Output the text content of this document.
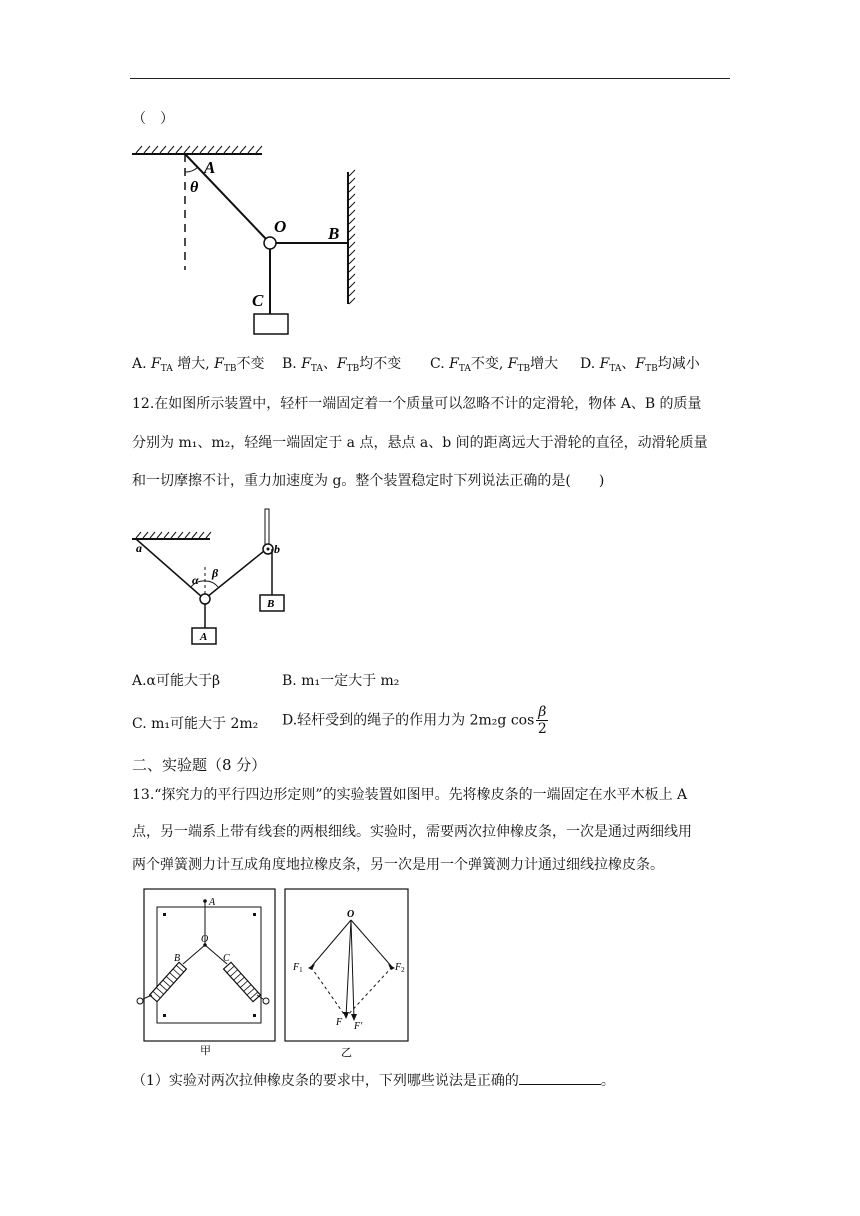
（　）
A
θ
O B
C
A. $F_{TA}$ 增大, $F_{TB}$不变 B. $F_{TA}$、$F_{TB}$均不变 C. $F_{TA}$不变, $F_{TB}$增大 D. $F_{TA}$、$F_{TB}$均减小
12.在如图所示装置中，轻杆一端固定着一个质量可以忽略不计的定滑轮，物体 A、B 的质量
分别为 m₁、m₂，轻绳一端固定于 a 点，悬点 a、b 间的距离远大于滑轮的直径，动滑轮质量
和一切摩擦不计，重力加速度为 g。整个装置稳定时下列说法正确的是(　　)
a	b
α β
A
B
A.α可能大于β	B. m₁一定大于 m₂
C. m₁可能大于 2m₂ D.轻杆受到的绳子的作用力为 2m₂g $\cos \frac{\beta}{2}$
二、实验题（8 分）
13.“探究力的平行四边形定则”的实验装置如图甲。先将橡皮条的一端固定在水平木板上 A
点，另一端系上带有线套的两根细线。实验时，需要两次拉伸橡皮条，一次是通过两细线用
两个弹簧测力计互成角度地拉橡皮条，另一次是用一个弹簧测力计通过细线拉橡皮条。
A
O
B	C
甲
O
$F_1$	$F_2$
F F′
乙
（1）实验对两次拉伸橡皮条的要求中，下列哪些说法是正确的	。
